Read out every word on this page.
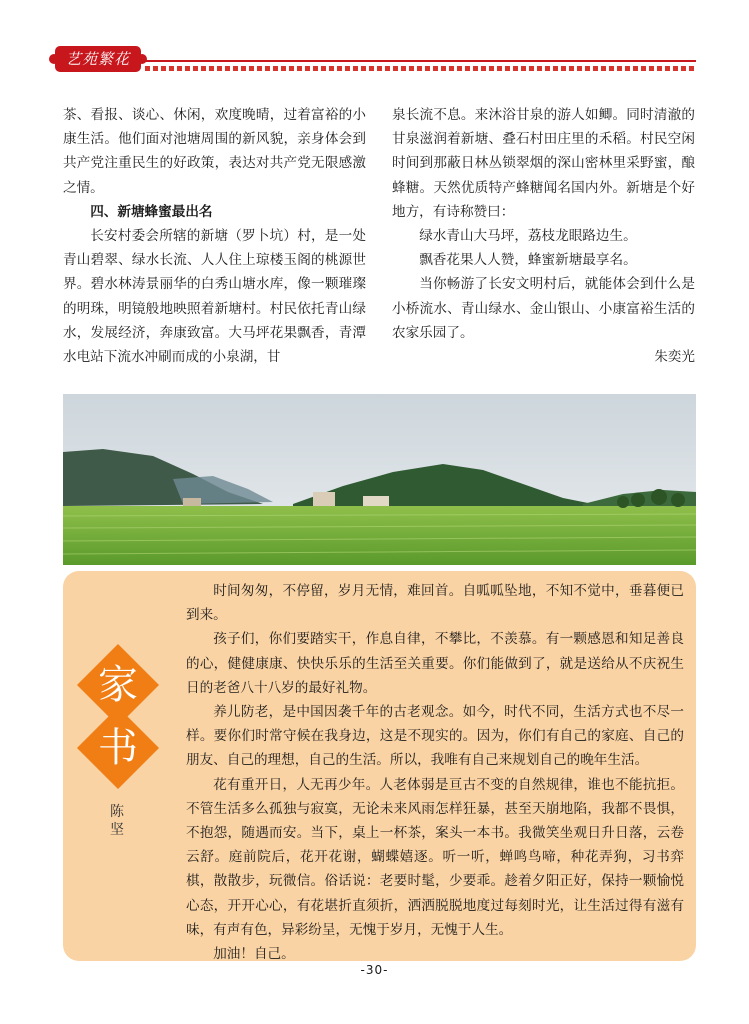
艺苑繁花

茶、看报、谈心、休闲，欢度晚晴，过着富裕的小康生活。他们面对池塘周围的新风貌，亲身体会到共产党注重民生的好政策，表达对共产党无限感激之情。

四、新塘蜂蜜最出名

长安村委会所辖的新塘（罗卜坑）村，是一处青山碧翠、绿水长流、人人住上琼楼玉阁的桃源世界。碧水林涛景丽华的白秀山塘水库，像一颗璀璨的明珠，明镜般地映照着新塘村。村民依托青山绿水，发展经济，奔康致富。大马坪花果飘香，青潭水电站下流水冲刷而成的小泉湖，甘

泉长流不息。来沐浴甘泉的游人如鲫。同时清澈的甘泉滋润着新塘、叠石村田庄里的禾稻。村民空闲时间到那蔽日林丛锁翠烟的深山密林里采野蜜，酿蜂糖。天然优质特产蜂糖闻名国内外。新塘是个好地方，有诗称赞曰：

绿水青山大马坪，荔枝龙眼路边生。

飘香花果人人赞，蜂蜜新塘最享名。

当你畅游了长安文明村后，就能体会到什么是小桥流水、青山绿水、金山银山、小康富裕生活的农家乐园了。

朱奕光

家
书
陈坚

时间匆匆，不停留，岁月无情，难回首。自呱呱坠地，不知不觉中，垂暮便已到来。

孩子们，你们要踏实干，作息自律，不攀比，不羡慕。有一颗感恩和知足善良的心，健健康康、快快乐乐的生活至关重要。你们能做到了，就是送给从不庆祝生日的老爸八十八岁的最好礼物。

养儿防老，是中国因袭千年的古老观念。如今，时代不同，生活方式也不尽一样。要你们时常守候在我身边，这是不现实的。因为，你们有自己的家庭、自己的朋友、自己的理想，自己的生活。所以，我唯有自己来规划自己的晚年生活。

花有重开日，人无再少年。人老体弱是亘古不变的自然规律，谁也不能抗拒。不管生活多么孤独与寂寞，无论未来风雨怎样狂暴，甚至天崩地陷，我都不畏惧，不抱怨，随遇而安。当下，桌上一杯茶，案头一本书。我微笑坐观日升日落，云卷云舒。庭前院后，花开花谢，蝴蝶嬉逐。听一听，蝉鸣鸟啼，种花弄狗，习书弈棋，散散步，玩微信。俗话说：老要时髦，少要乖。趁着夕阳正好，保持一颗愉悦心态，开开心心，有花堪折直须折，洒洒脱脱地度过每刻时光，让生活过得有滋有味，有声有色，异彩纷呈，无愧于岁月，无愧于人生。

加油！自己。

-30-
